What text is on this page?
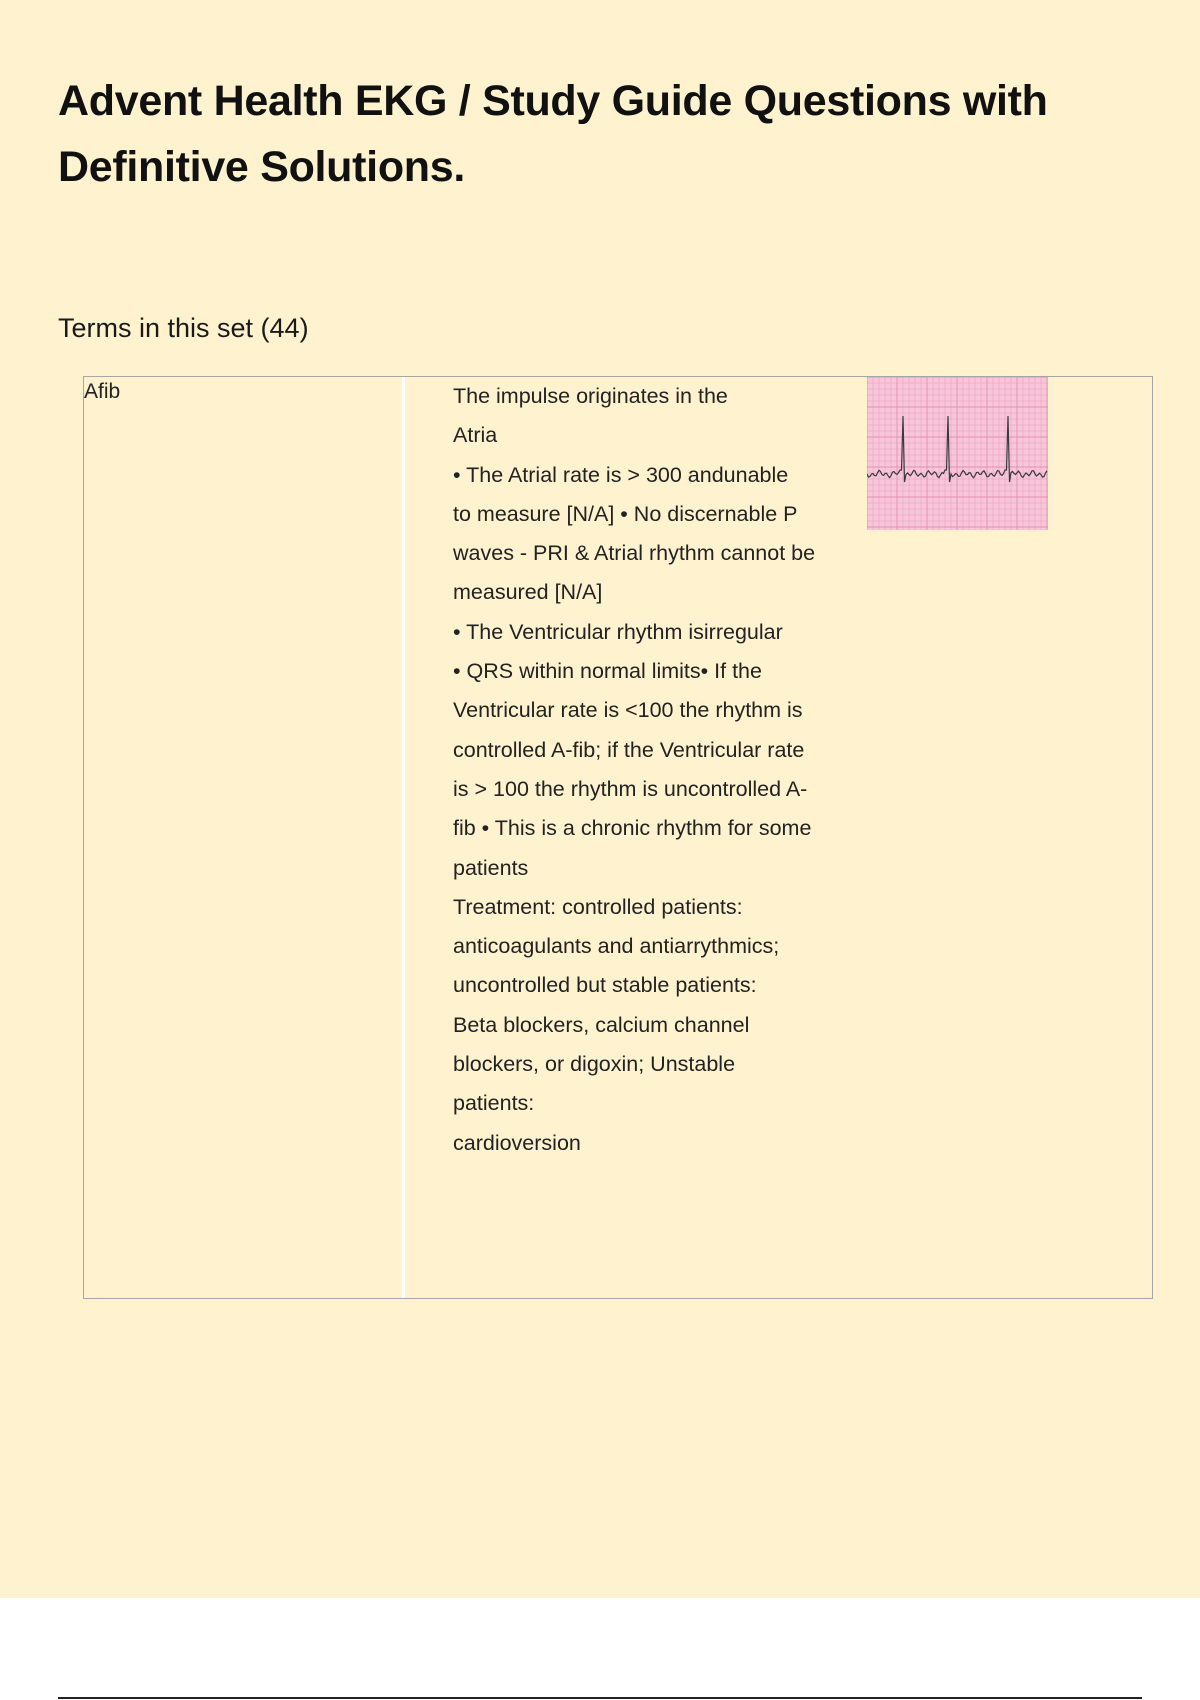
Advent Health EKG / Study Guide Questions with
Definitive Solutions.
Terms in this set (44)
Afib	The impulse originates in the
Atria
• The Atrial rate is > 300 andunable
to measure [N/A] • No discernable P
waves - PRI & Atrial rhythm cannot be
measured [N/A]
• The Ventricular rhythm isirregular
• QRS within normal limits• If the
Ventricular rate is <100 the rhythm is
controlled A-fib; if the Ventricular rate
is > 100 the rhythm is uncontrolled A-
fib • This is a chronic rhythm for some
patients
Treatment: controlled patients:
anticoagulants and antiarrythmics;
uncontrolled but stable patients:
Beta blockers, calcium channel
blockers, or digoxin; Unstable
patients:
cardioversion
